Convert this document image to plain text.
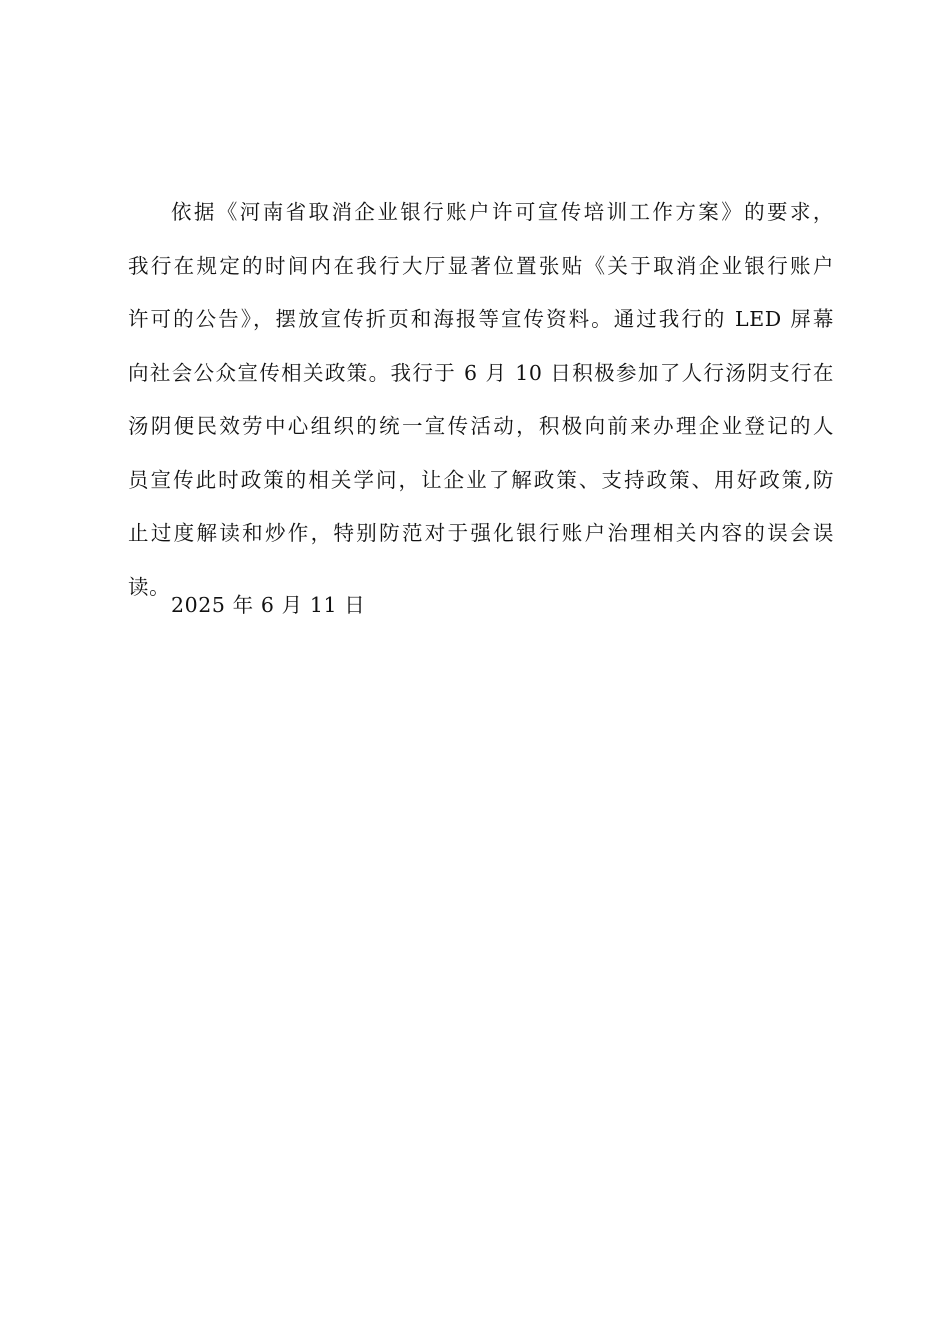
依据《河南省取消企业银行账户许可宣传培训工作方案》的要求，
我行在规定的时间内在我行大厅显著位置张贴《关于取消企业银行账户
许可的公告》，摆放宣传折页和海报等宣传资料。通过我行的 LED 屏幕
向社会公众宣传相关政策。我行于 6 月 10 日积极参加了人行汤阴支行在
汤阴便民效劳中心组织的统一宣传活动，积极向前来办理企业登记的人
员宣传此时政策的相关学问，让企业了解政策、支持政策、用好政策,防
止过度解读和炒作，特别防范对于强化银行账户治理相关内容的误会误
读。

2025 年 6 月 11 日
